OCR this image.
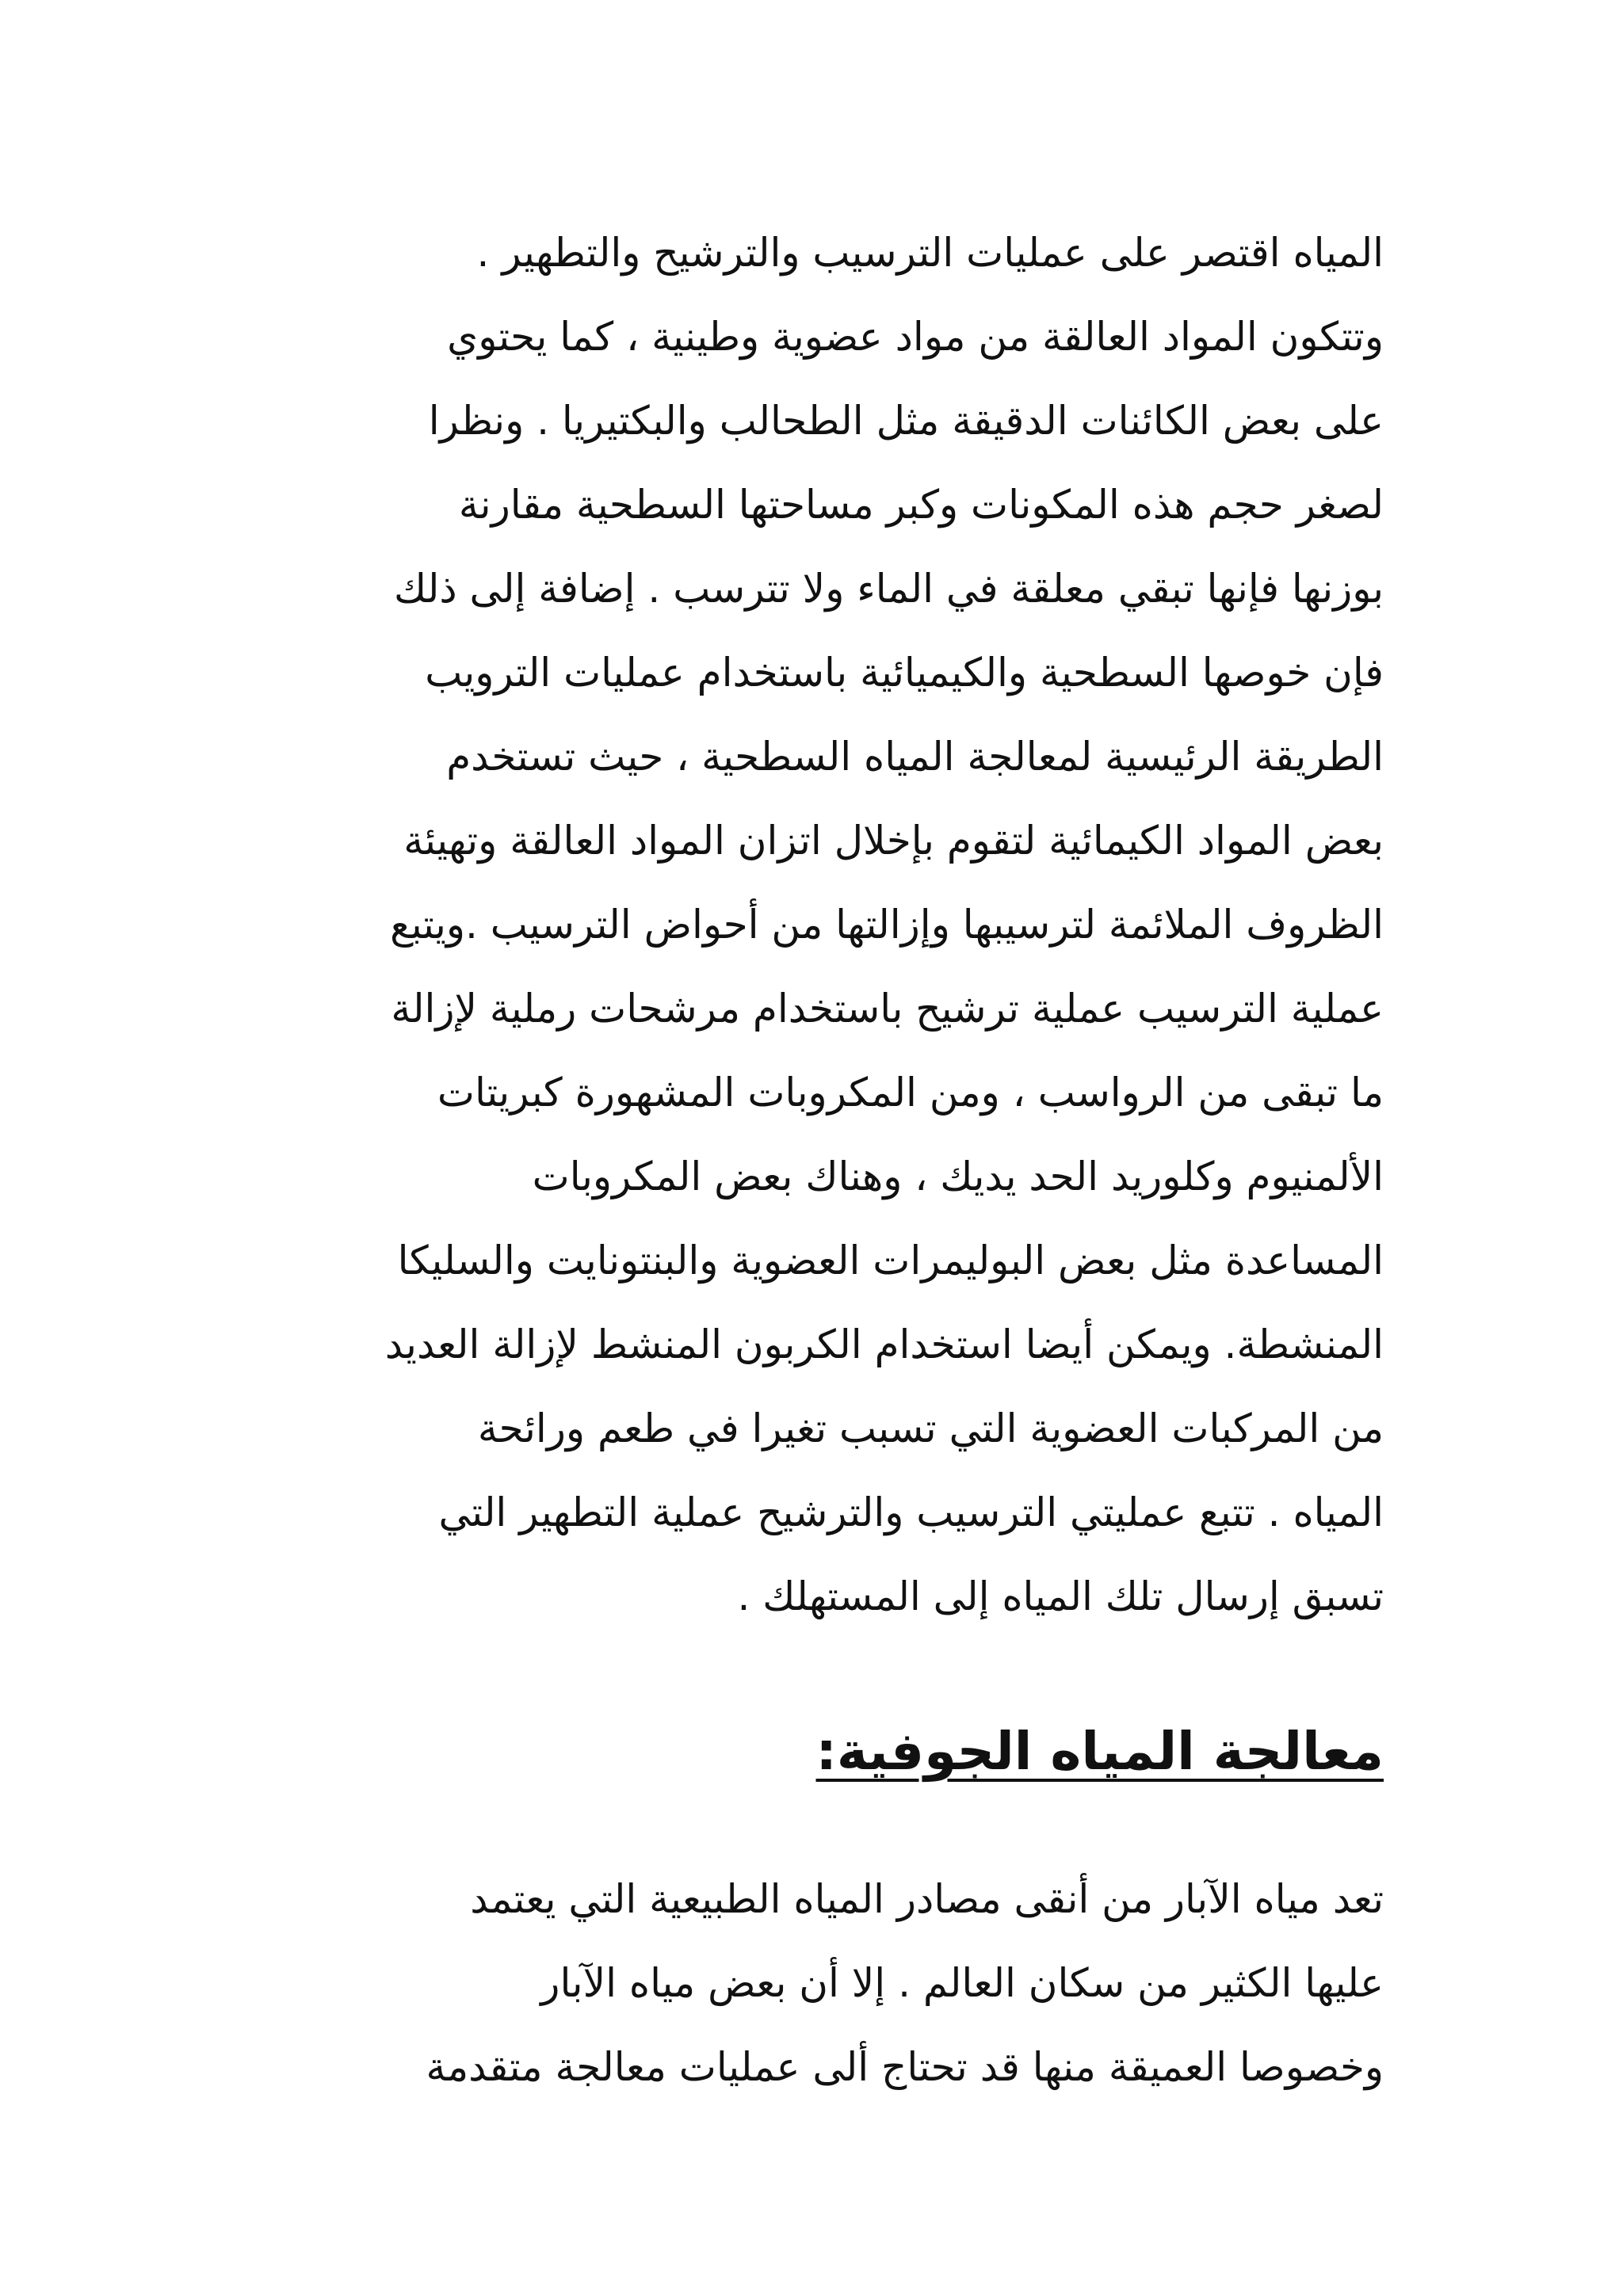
المياه اقتصر على عمليات الترسيب والترشيح والتطهير .
وتتكون المواد العالقة من مواد عضوية وطينية ، كما يحتوي
على بعض الكائنات الدقيقة مثل الطحالب والبكتيريا . ونظرا
لصغر حجم هذه المكونات وكبر مساحتها السطحية مقارنة
بوزنها فإنها تبقي معلقة في الماء ولا تترسب . إضافة إلى ذلك
فإن خوصها السطحية والكيميائية باستخدام عمليات الترويب
الطريقة الرئيسية لمعالجة المياه السطحية ، حيث تستخدم
بعض المواد الكيمائية لتقوم بإخلال اتزان المواد العالقة وتهيئة
الظروف الملائمة لترسيبها وإزالتها من أحواض الترسيب .ويتبع
عملية الترسيب عملية ترشيح باستخدام مرشحات رملية لإزالة
ما تبقى من الرواسب ، ومن المكروبات المشهورة كبريتات
الألمنيوم وكلوريد الحد يديك ، وهناك بعض المكروبات
المساعدة مثل بعض البوليمرات العضوية والبنتونايت والسليكا
المنشطة. ويمكن أيضا استخدام الكربون المنشط لإزالة العديد
من المركبات العضوية التي تسبب تغيرا في طعم ورائحة
المياه . تتبع عمليتي الترسيب والترشيح عملية التطهير التي
تسبق إرسال تلك المياه إلى المستهلك .
معالجة المياه الجوفية:
تعد مياه الآبار من أنقى مصادر المياه الطبيعية التي يعتمد
عليها الكثير من سكان العالم . إلا أن بعض مياه الآبار
وخصوصا العميقة منها قد تحتاج ألى عمليات معالجة متقدمة
